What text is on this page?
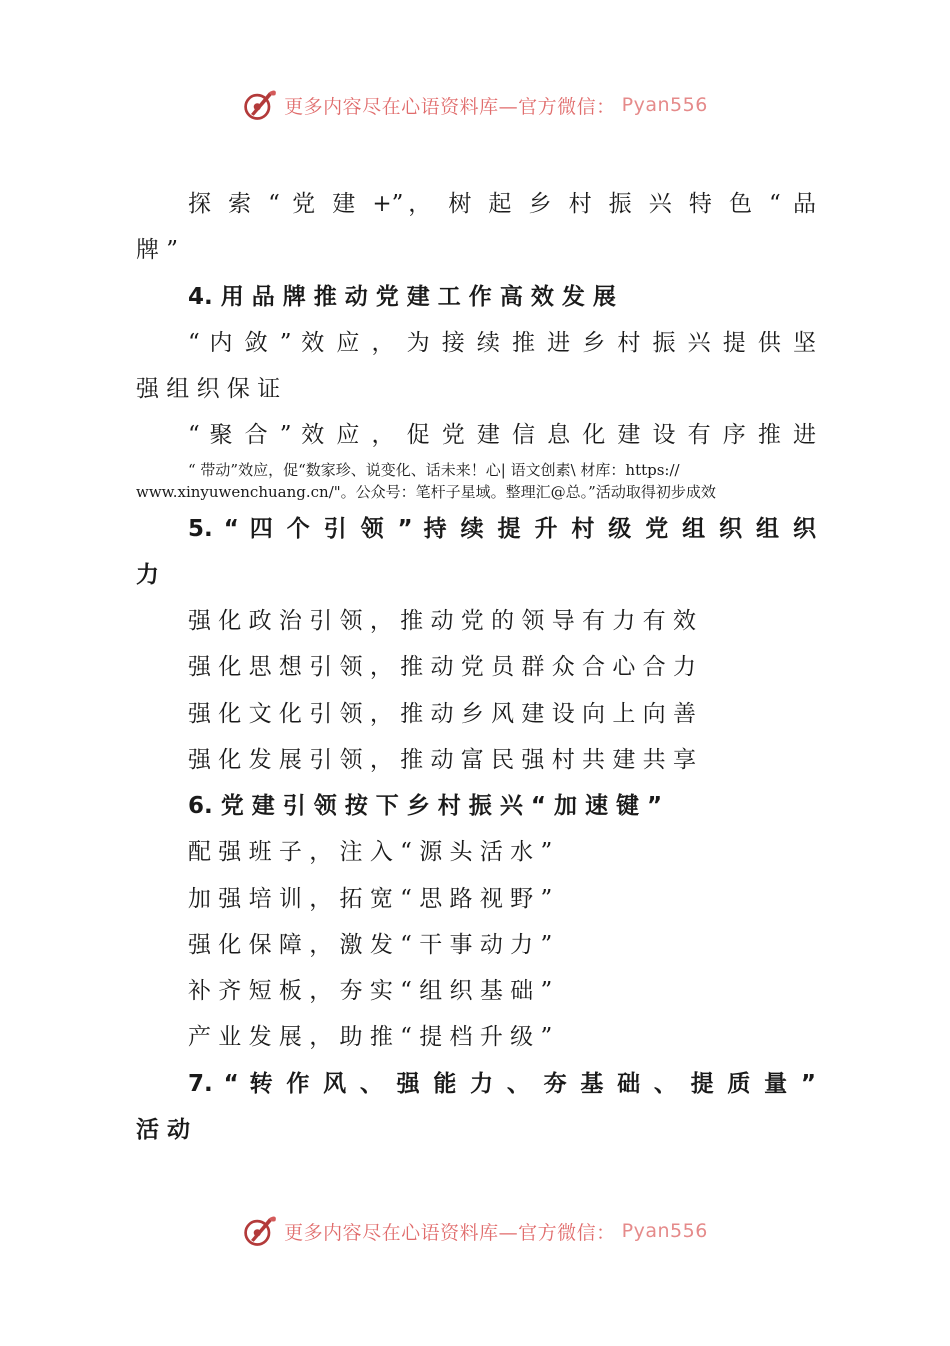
更多内容尽在心语资料库—官方微信： Pyan556
探 索 “ 党 建 +”， 树 起 乡 村 振 兴 特 色 “ 品
牌 ”
4. 用 品 牌 推 动 党 建 工 作 高 效 发 展
“ 内 敛 ” 效 应 ， 为 接 续 推 进 乡 村 振 兴 提 供 坚
强 组 织 保 证
“ 聚 合 ” 效 应 ， 促 党 建 信 息 化 建 设 有 序 推 进
“ 带动”效应，促“数家珍、说变化、话未来！心| 语文创素\ 材库：https://
www.xinyuwenchuang.cn/"。公众号：笔杆子星域。整理汇@总。”活动取得初步成效
5. “ 四 个 引 领 ” 持 续 提 升 村 级 党 组 织 组 织
力
强 化 政 治 引 领 ， 推 动 党 的 领 导 有 力 有 效
强 化 思 想 引 领 ， 推 动 党 员 群 众 合 心 合 力
强 化 文 化 引 领 ， 推 动 乡 风 建 设 向 上 向 善
强 化 发 展 引 领 ， 推 动 富 民 强 村 共 建 共 享
6. 党 建 引 领 按 下 乡 村 振 兴 “ 加 速 键 ”
配 强 班 子 ， 注 入 “ 源 头 活 水 ”
加 强 培 训 ， 拓 宽 “ 思 路 视 野 ”
强 化 保 障 ， 激 发 “ 干 事 动 力 ”
补 齐 短 板 ， 夯 实 “ 组 织 基 础 ”
产 业 发 展 ， 助 推 “ 提 档 升 级 ”
7. “ 转 作 风 、 强 能 力 、 夯 基 础 、 提 质 量 ”
活 动
更多内容尽在心语资料库—官方微信： Pyan556
